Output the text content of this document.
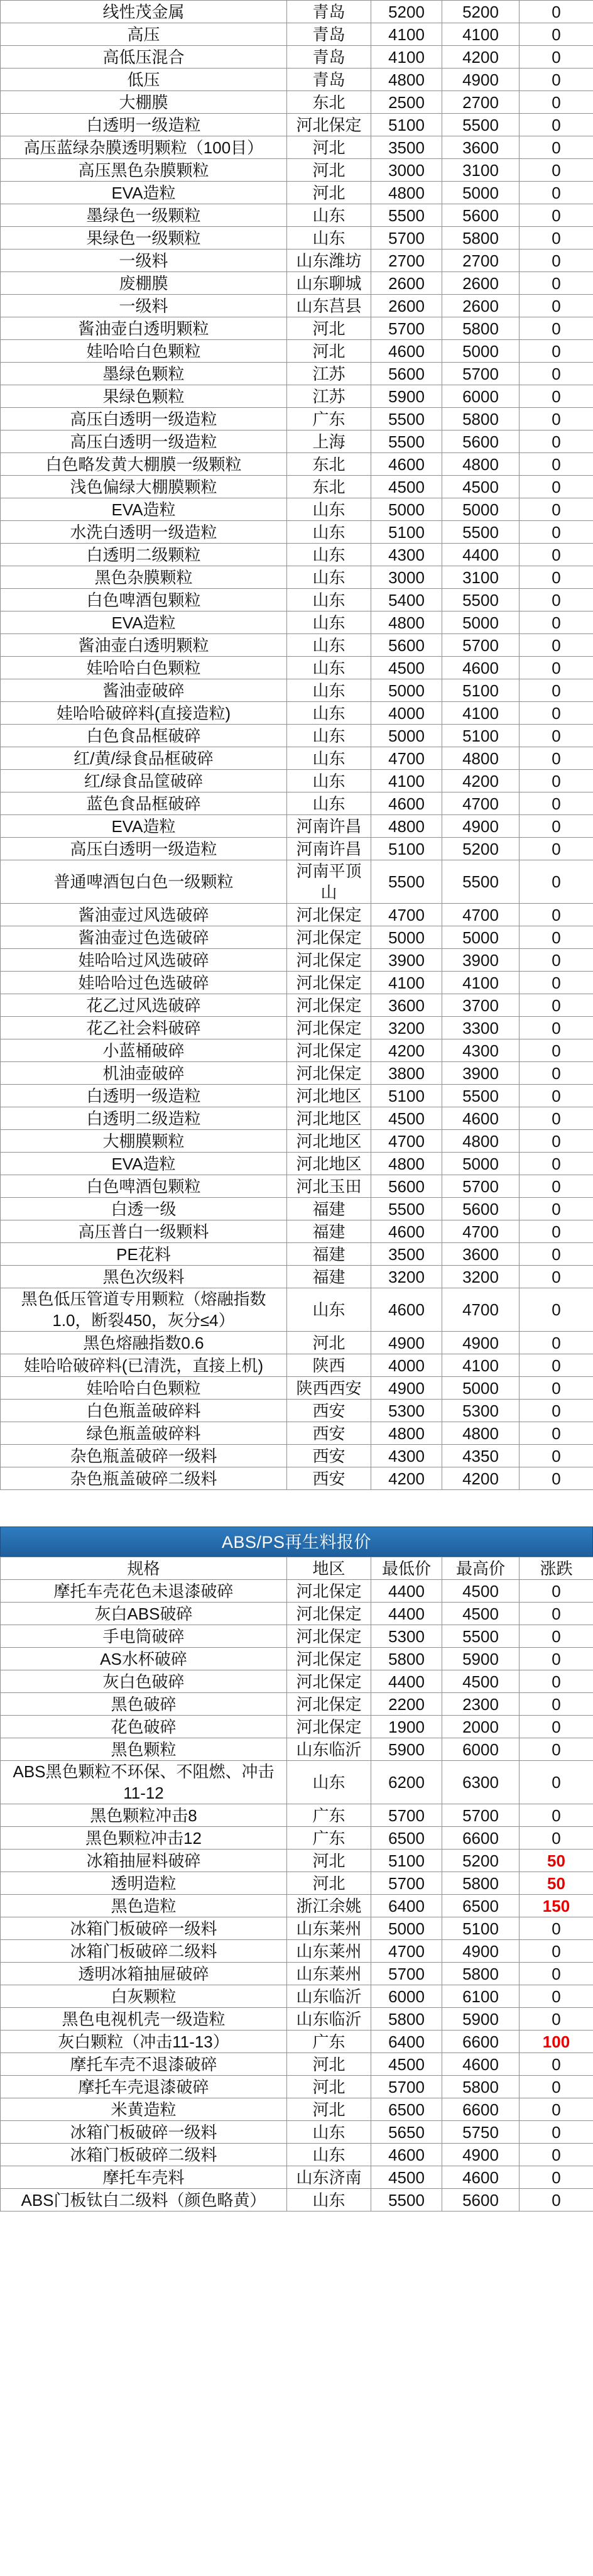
线性茂金属	青岛	5200	5200	0
高压	青岛	4100	4100	0
高低压混合	青岛	4100	4200	0
低压	青岛	4800	4900	0
大棚膜	东北	2500	2700	0
白透明一级造粒	河北保定	5100	5500	0
高压蓝绿杂膜透明颗粒（100目）	河北	3500	3600	0
高压黑色杂膜颗粒	河北	3000	3100	0
EVA造粒	河北	4800	5000	0
墨绿色一级颗粒	山东	5500	5600	0
果绿色一级颗粒	山东	5700	5800	0
一级料	山东潍坊	2700	2700	0
废棚膜	山东聊城	2600	2600	0
一级料	山东莒县	2600	2600	0
酱油壶白透明颗粒	河北	5700	5800	0
娃哈哈白色颗粒	河北	4600	5000	0
墨绿色颗粒	江苏	5600	5700	0
果绿色颗粒	江苏	5900	6000	0
高压白透明一级造粒	广东	5500	5800	0
高压白透明一级造粒	上海	5500	5600	0
白色略发黄大棚膜一级颗粒	东北	4600	4800	0
浅色偏绿大棚膜颗粒	东北	4500	4500	0
EVA造粒	山东	5000	5000	0
水洗白透明一级造粒	山东	5100	5500	0
白透明二级颗粒	山东	4300	4400	0
黑色杂膜颗粒	山东	3000	3100	0
白色啤酒包颗粒	山东	5400	5500	0
EVA造粒	山东	4800	5000	0
酱油壶白透明颗粒	山东	5600	5700	0
娃哈哈白色颗粒	山东	4500	4600	0
酱油壶破碎	山东	5000	5100	0
娃哈哈破碎料(直接造粒)	山东	4000	4100	0
白色食品框破碎	山东	5000	5100	0
红/黄/绿食品框破碎	山东	4700	4800	0
红/绿食品筐破碎	山东	4100	4200	0
蓝色食品框破碎	山东	4600	4700	0
EVA造粒	河南许昌	4800	4900	0
高压白透明一级造粒	河南许昌	5100	5200	0
普通啤酒包白色一级颗粒	河南平顶山	5500	5500	0
酱油壶过风选破碎	河北保定	4700	4700	0
酱油壶过色选破碎	河北保定	5000	5000	0
娃哈哈过风选破碎	河北保定	3900	3900	0
娃哈哈过色选破碎	河北保定	4100	4100	0
花乙过风选破碎	河北保定	3600	3700	0
花乙社会料破碎	河北保定	3200	3300	0
小蓝桶破碎	河北保定	4200	4300	0
机油壶破碎	河北保定	3800	3900	0
白透明一级造粒	河北地区	5100	5500	0
白透明二级造粒	河北地区	4500	4600	0
大棚膜颗粒	河北地区	4700	4800	0
EVA造粒	河北地区	4800	5000	0
白色啤酒包颗粒	河北玉田	5600	5700	0
白透一级	福建	5500	5600	0
高压普白一级颗料	福建	4600	4700	0
PE花料	福建	3500	3600	0
黑色次级料	福建	3200	3200	0
黑色低压管道专用颗粒（熔融指数1.0，断裂450，灰分≤4）	山东	4600	4700	0
黑色熔融指数0.6	河北	4900	4900	0
娃哈哈破碎料(已清洗，直接上机)	陕西	4000	4100	0
娃哈哈白色颗粒	陕西西安	4900	5000	0
白色瓶盖破碎料	西安	5300	5300	0
绿色瓶盖破碎料	西安	4800	4800	0
杂色瓶盖破碎一级料	西安	4300	4350	0
杂色瓶盖破碎二级料	西安	4200	4200	0
ABS/PS再生料报价
规格	地区	最低价	最高价	涨跌
摩托车壳花色未退漆破碎	河北保定	4400	4500	0
灰白ABS破碎	河北保定	4400	4500	0
手电筒破碎	河北保定	5300	5500	0
AS水杯破碎	河北保定	5800	5900	0
灰白色破碎	河北保定	4400	4500	0
黑色破碎	河北保定	2200	2300	0
花色破碎	河北保定	1900	2000	0
黑色颗粒	山东临沂	5900	6000	0
ABS黑色颗粒不环保、不阻燃、冲击11-12	山东	6200	6300	0
黑色颗粒冲击8	广东	5700	5700	0
黑色颗粒冲击12	广东	6500	6600	0
冰箱抽屉料破碎	河北	5100	5200	50
透明造粒	河北	5700	5800	50
黑色造粒	浙江余姚	6400	6500	150
冰箱门板破碎一级料	山东莱州	5000	5100	0
冰箱门板破碎二级料	山东莱州	4700	4900	0
透明冰箱抽屉破碎	山东莱州	5700	5800	0
白灰颗粒	山东临沂	6000	6100	0
黑色电视机壳一级造粒	山东临沂	5800	5900	0
灰白颗粒（冲击11-13）	广东	6400	6600	100
摩托车壳不退漆破碎	河北	4500	4600	0
摩托车壳退漆破碎	河北	5700	5800	0
米黄造粒	河北	6500	6600	0
冰箱门板破碎一级料	山东	5650	5750	0
冰箱门板破碎二级料	山东	4600	4900	0
摩托车壳料	山东济南	4500	4600	0
ABS门板钛白二级料（颜色略黄）	山东	5500	5600	0
